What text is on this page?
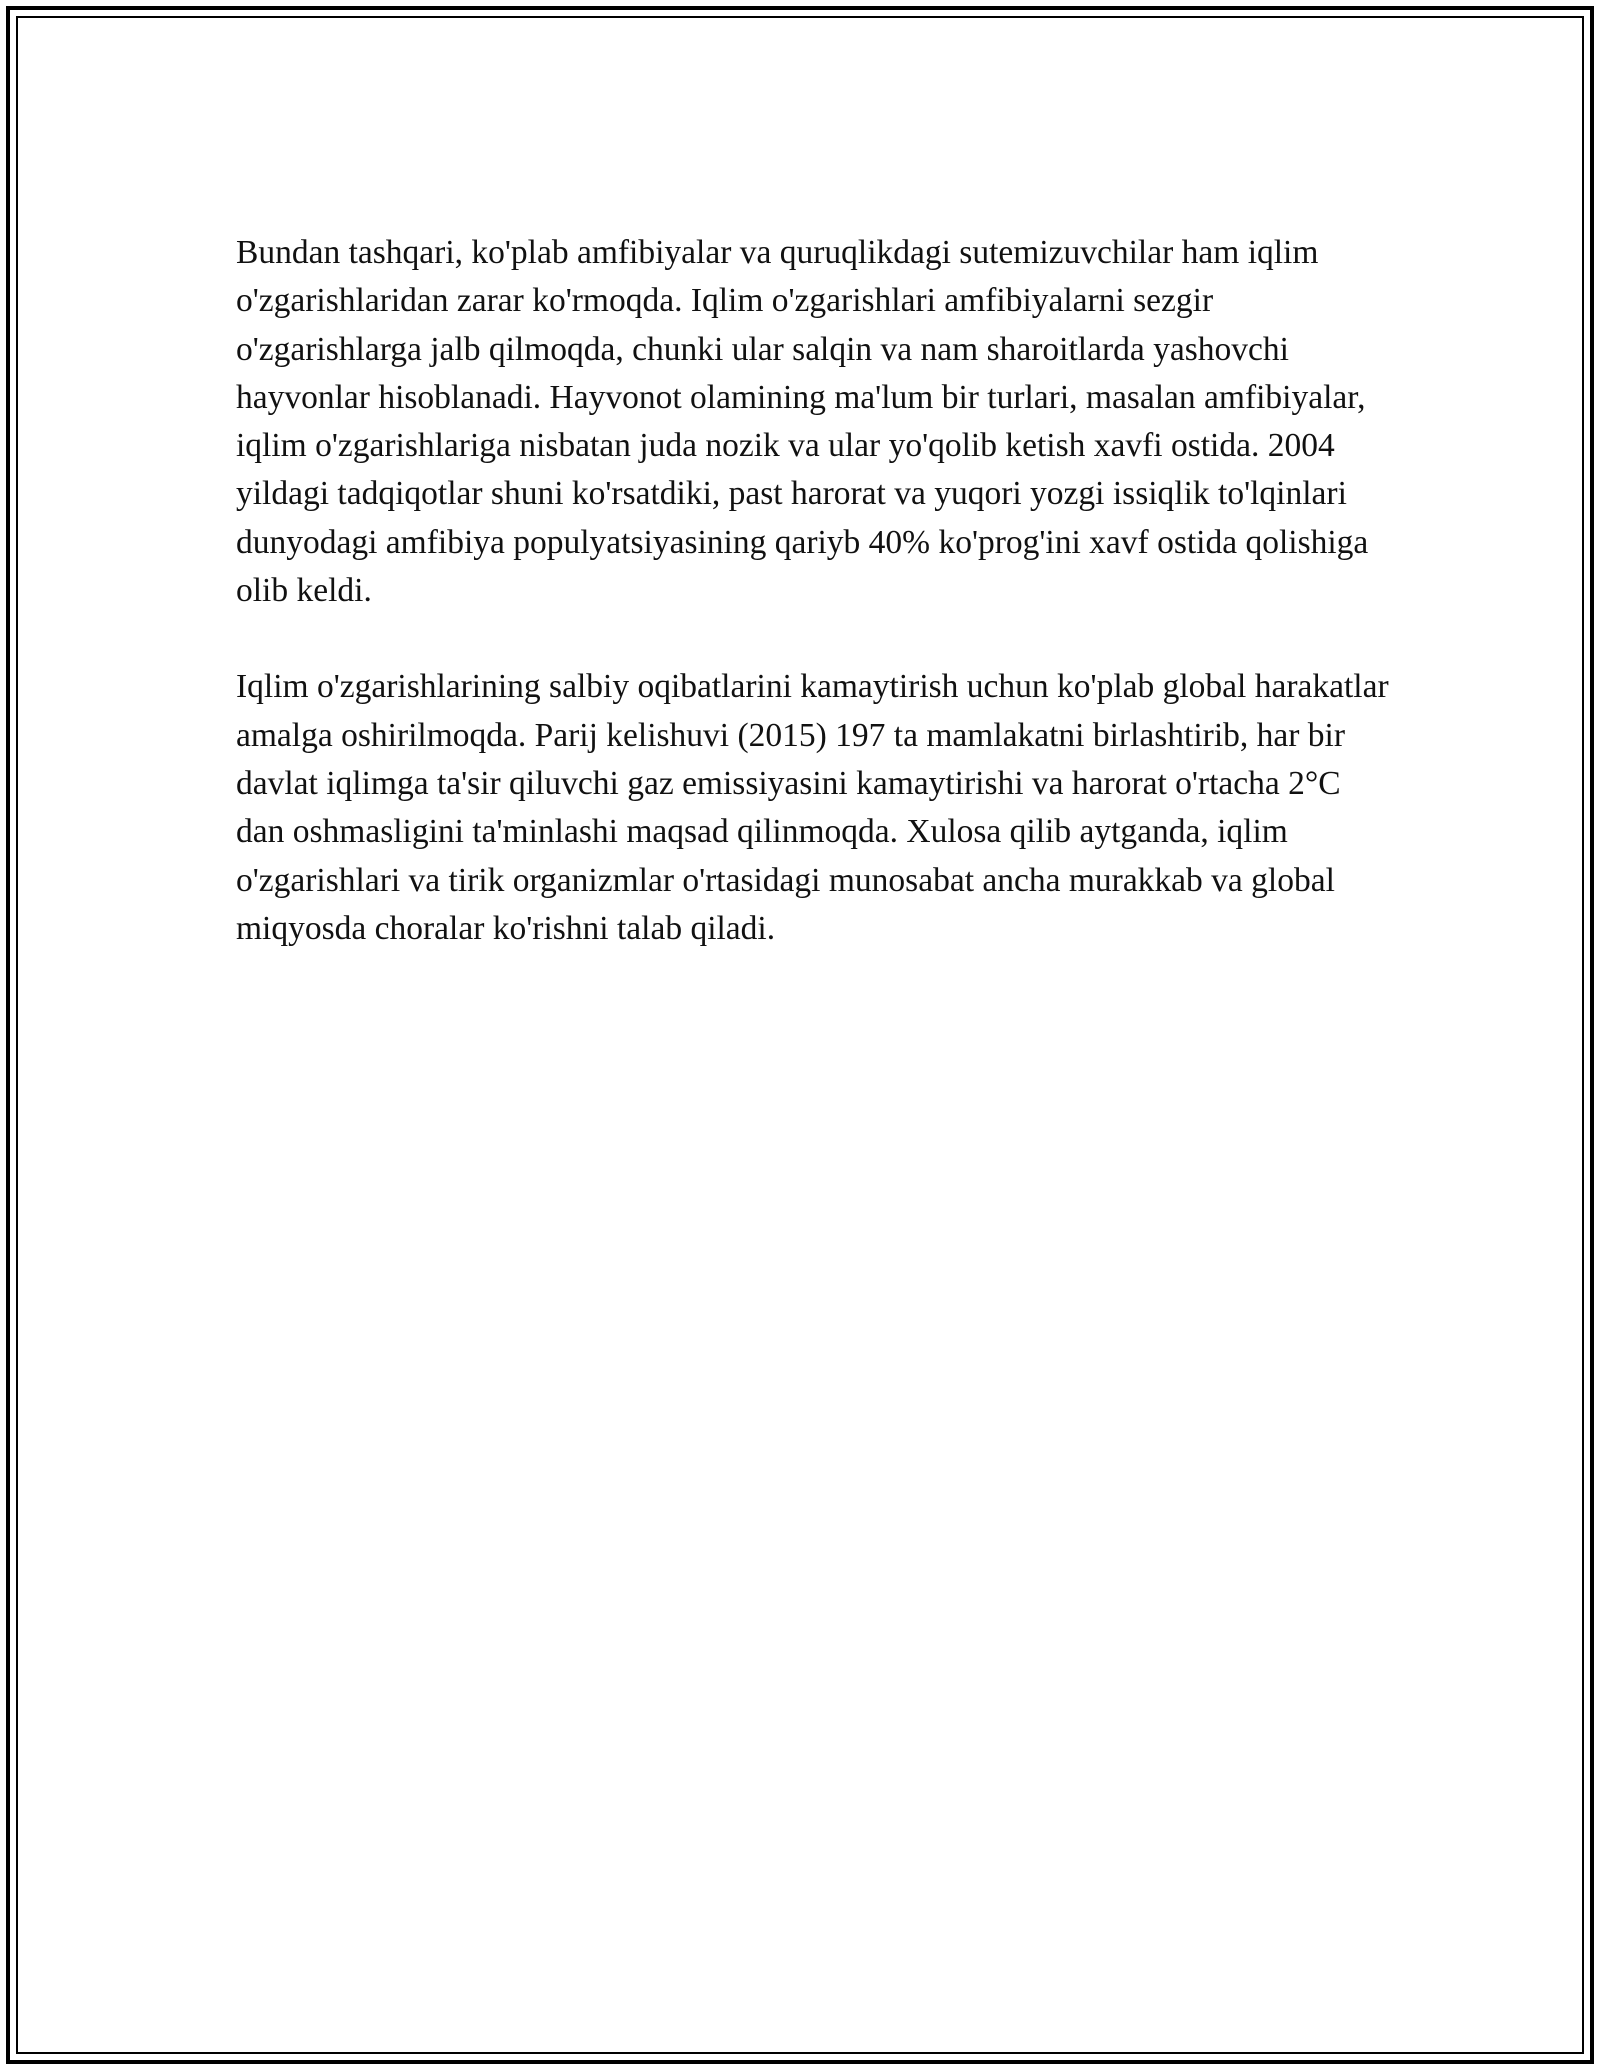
Bundan tashqari, ko'plab amfibiyalar va quruqlikdagi sutemizuvchilar ham iqlim o'zgarishlaridan zarar ko'rmoqda. Iqlim o'zgarishlari amfibiyalarni sezgir o'zgarishlarga jalb qilmoqda, chunki ular salqin va nam sharoitlarda yashovchi hayvonlar hisoblanadi. Hayvonot olamining ma'lum bir turlari, masalan amfibiyalar, iqlim o'zgarishlariga nisbatan juda nozik va ular yo'qolib ketish xavfi ostida. 2004 yildagi tadqiqotlar shuni ko'rsatdiki, past harorat va yuqori yozgi issiqlik to'lqinlari dunyodagi amfibiya populyatsiyasining qariyb 40% ko'prog'ini xavf ostida qolishiga olib keldi.

Iqlim o'zgarishlarining salbiy oqibatlarini kamaytirish uchun ko'plab global harakatlar amalga oshirilmoqda. Parij kelishuvi (2015) 197 ta mamlakatni birlashtirib, har bir davlat iqlimga ta'sir qiluvchi gaz emissiyasini kamaytirishi va harorat o'rtacha 2°C dan oshmasligini ta'minlashi maqsad qilinmoqda. Xulosa qilib aytganda, iqlim o'zgarishlari va tirik organizmlar o'rtasidagi munosabat ancha murakkab va global miqyosda choralar ko'rishni talab qiladi.
